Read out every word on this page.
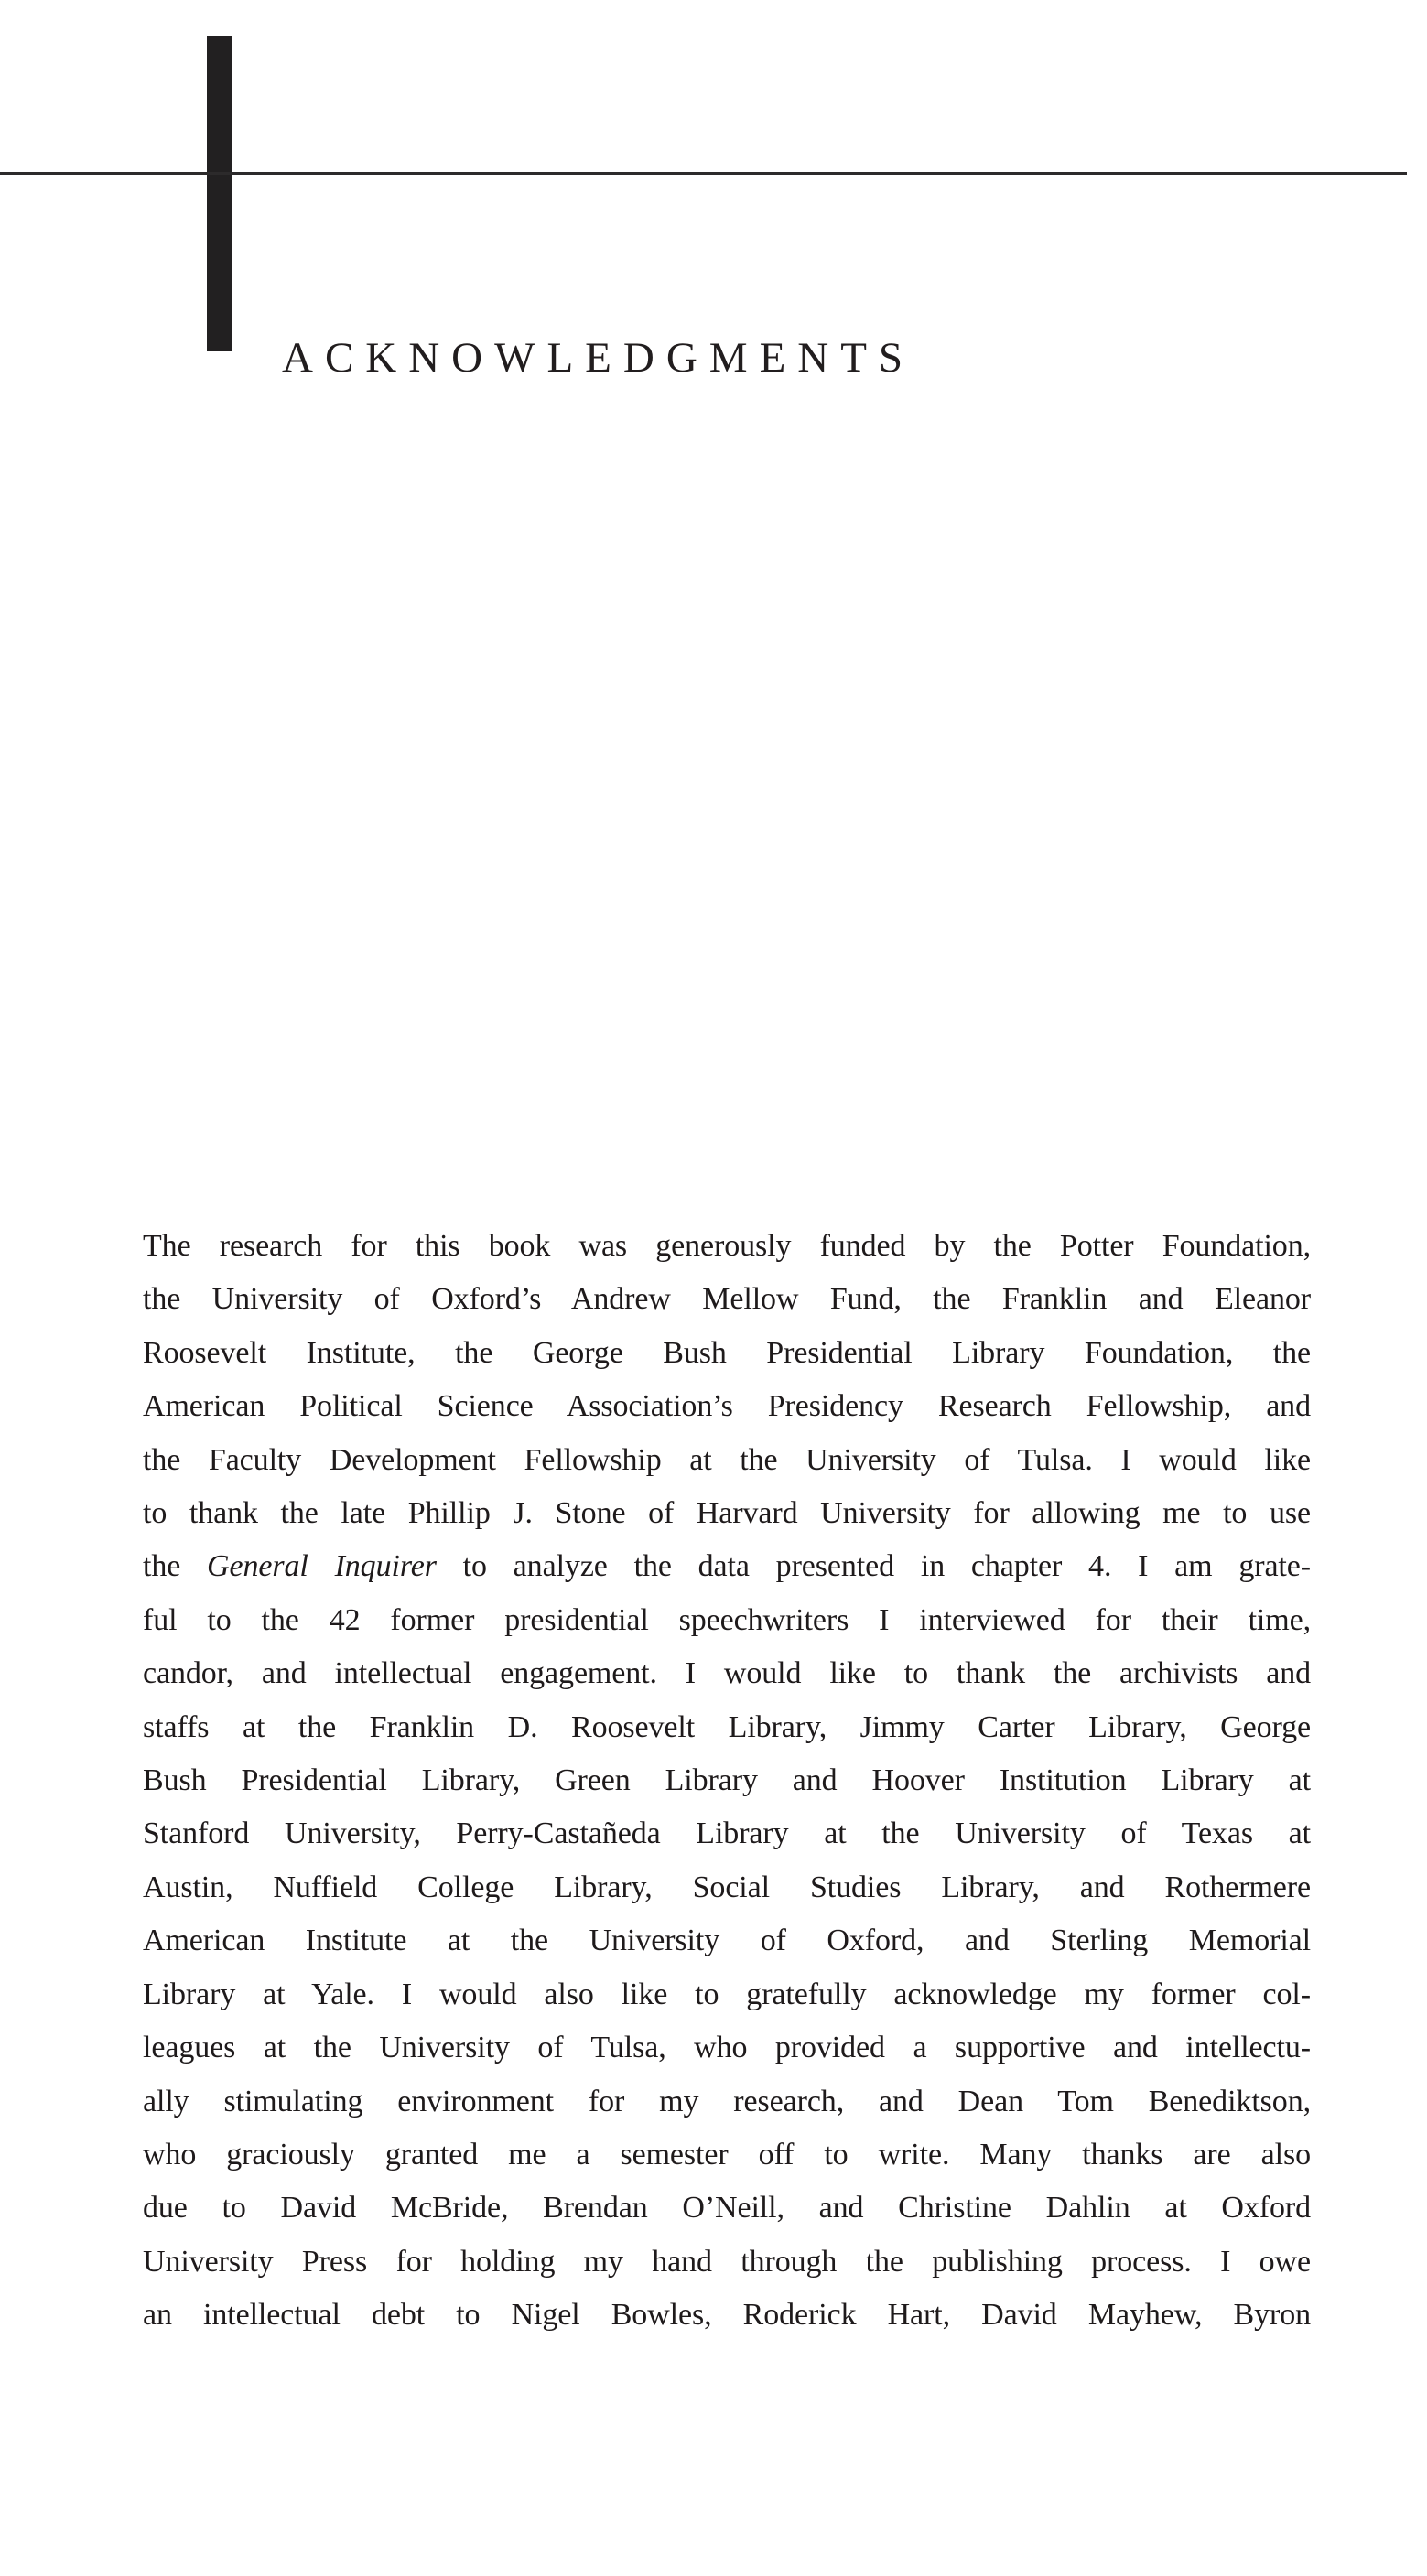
ACKNOWLEDGMENTS
The research for this book was generously funded by the Potter Foundation,
the University of Oxford’s Andrew Mellow Fund, the Franklin and Eleanor
Roosevelt Institute, the George Bush Presidential Library Foundation, the
American Political Science Association’s Presidency Research Fellowship, and
the Faculty Development Fellowship at the University of Tulsa. I would like
to thank the late Phillip J. Stone of Harvard University for allowing me to use
the General Inquirer to analyze the data presented in chapter 4. I am grate-
ful to the 42 former presidential speechwriters I interviewed for their time,
candor, and intellectual engagement. I would like to thank the archivists and
staffs at the Franklin D. Roosevelt Library, Jimmy Carter Library, George
Bush Presidential Library, Green Library and Hoover Institution Library at
Stanford University, Perry-Castañeda Library at the University of Texas at
Austin, Nuffield College Library, Social Studies Library, and Rothermere
American Institute at the University of Oxford, and Sterling Memorial
Library at Yale. I would also like to gratefully acknowledge my former col-
leagues at the University of Tulsa, who provided a supportive and intellectu-
ally stimulating environment for my research, and Dean Tom Benediktson,
who graciously granted me a semester off to write. Many thanks are also
due to David McBride, Brendan O’Neill, and Christine Dahlin at Oxford
University Press for holding my hand through the publishing process. I owe
an intellectual debt to Nigel Bowles, Roderick Hart, David Mayhew, Byron
